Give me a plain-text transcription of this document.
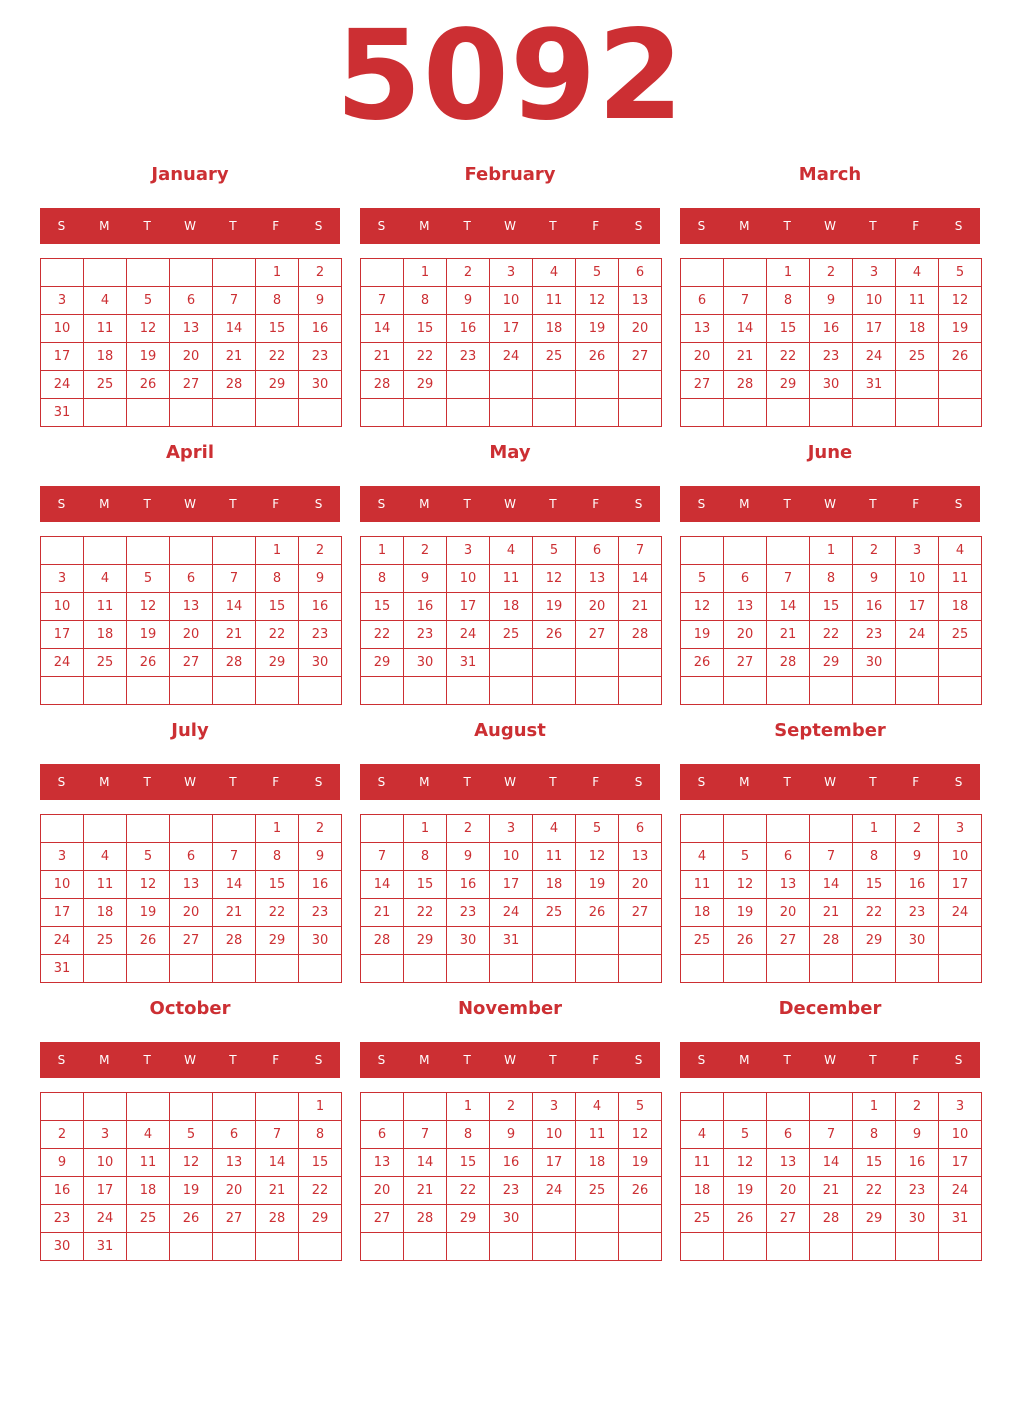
5092
January
S	M	T	W	T	F	S
					1	2
3	4	5	6	7	8	9
10	11	12	13	14	15	16
17	18	19	20	21	22	23
24	25	26	27	28	29	30
31						
February
S	M	T	W	T	F	S
	1	2	3	4	5	6
7	8	9	10	11	12	13
14	15	16	17	18	19	20
21	22	23	24	25	26	27
28	29					

March
S	M	T	W	T	F	S
		1	2	3	4	5
6	7	8	9	10	11	12
13	14	15	16	17	18	19
20	21	22	23	24	25	26
27	28	29	30	31		

April
S	M	T	W	T	F	S
					1	2
3	4	5	6	7	8	9
10	11	12	13	14	15	16
17	18	19	20	21	22	23
24	25	26	27	28	29	30

May
S	M	T	W	T	F	S
1	2	3	4	5	6	7
8	9	10	11	12	13	14
15	16	17	18	19	20	21
22	23	24	25	26	27	28
29	30	31				

June
S	M	T	W	T	F	S
			1	2	3	4
5	6	7	8	9	10	11
12	13	14	15	16	17	18
19	20	21	22	23	24	25
26	27	28	29	30		

July
S	M	T	W	T	F	S
					1	2
3	4	5	6	7	8	9
10	11	12	13	14	15	16
17	18	19	20	21	22	23
24	25	26	27	28	29	30
31						
August
S	M	T	W	T	F	S
	1	2	3	4	5	6
7	8	9	10	11	12	13
14	15	16	17	18	19	20
21	22	23	24	25	26	27
28	29	30	31			

September
S	M	T	W	T	F	S
				1	2	3
4	5	6	7	8	9	10
11	12	13	14	15	16	17
18	19	20	21	22	23	24
25	26	27	28	29	30	

October
S	M	T	W	T	F	S
						1
2	3	4	5	6	7	8
9	10	11	12	13	14	15
16	17	18	19	20	21	22
23	24	25	26	27	28	29
30	31					
November
S	M	T	W	T	F	S
		1	2	3	4	5
6	7	8	9	10	11	12
13	14	15	16	17	18	19
20	21	22	23	24	25	26
27	28	29	30			

December
S	M	T	W	T	F	S
				1	2	3
4	5	6	7	8	9	10
11	12	13	14	15	16	17
18	19	20	21	22	23	24
25	26	27	28	29	30	31
